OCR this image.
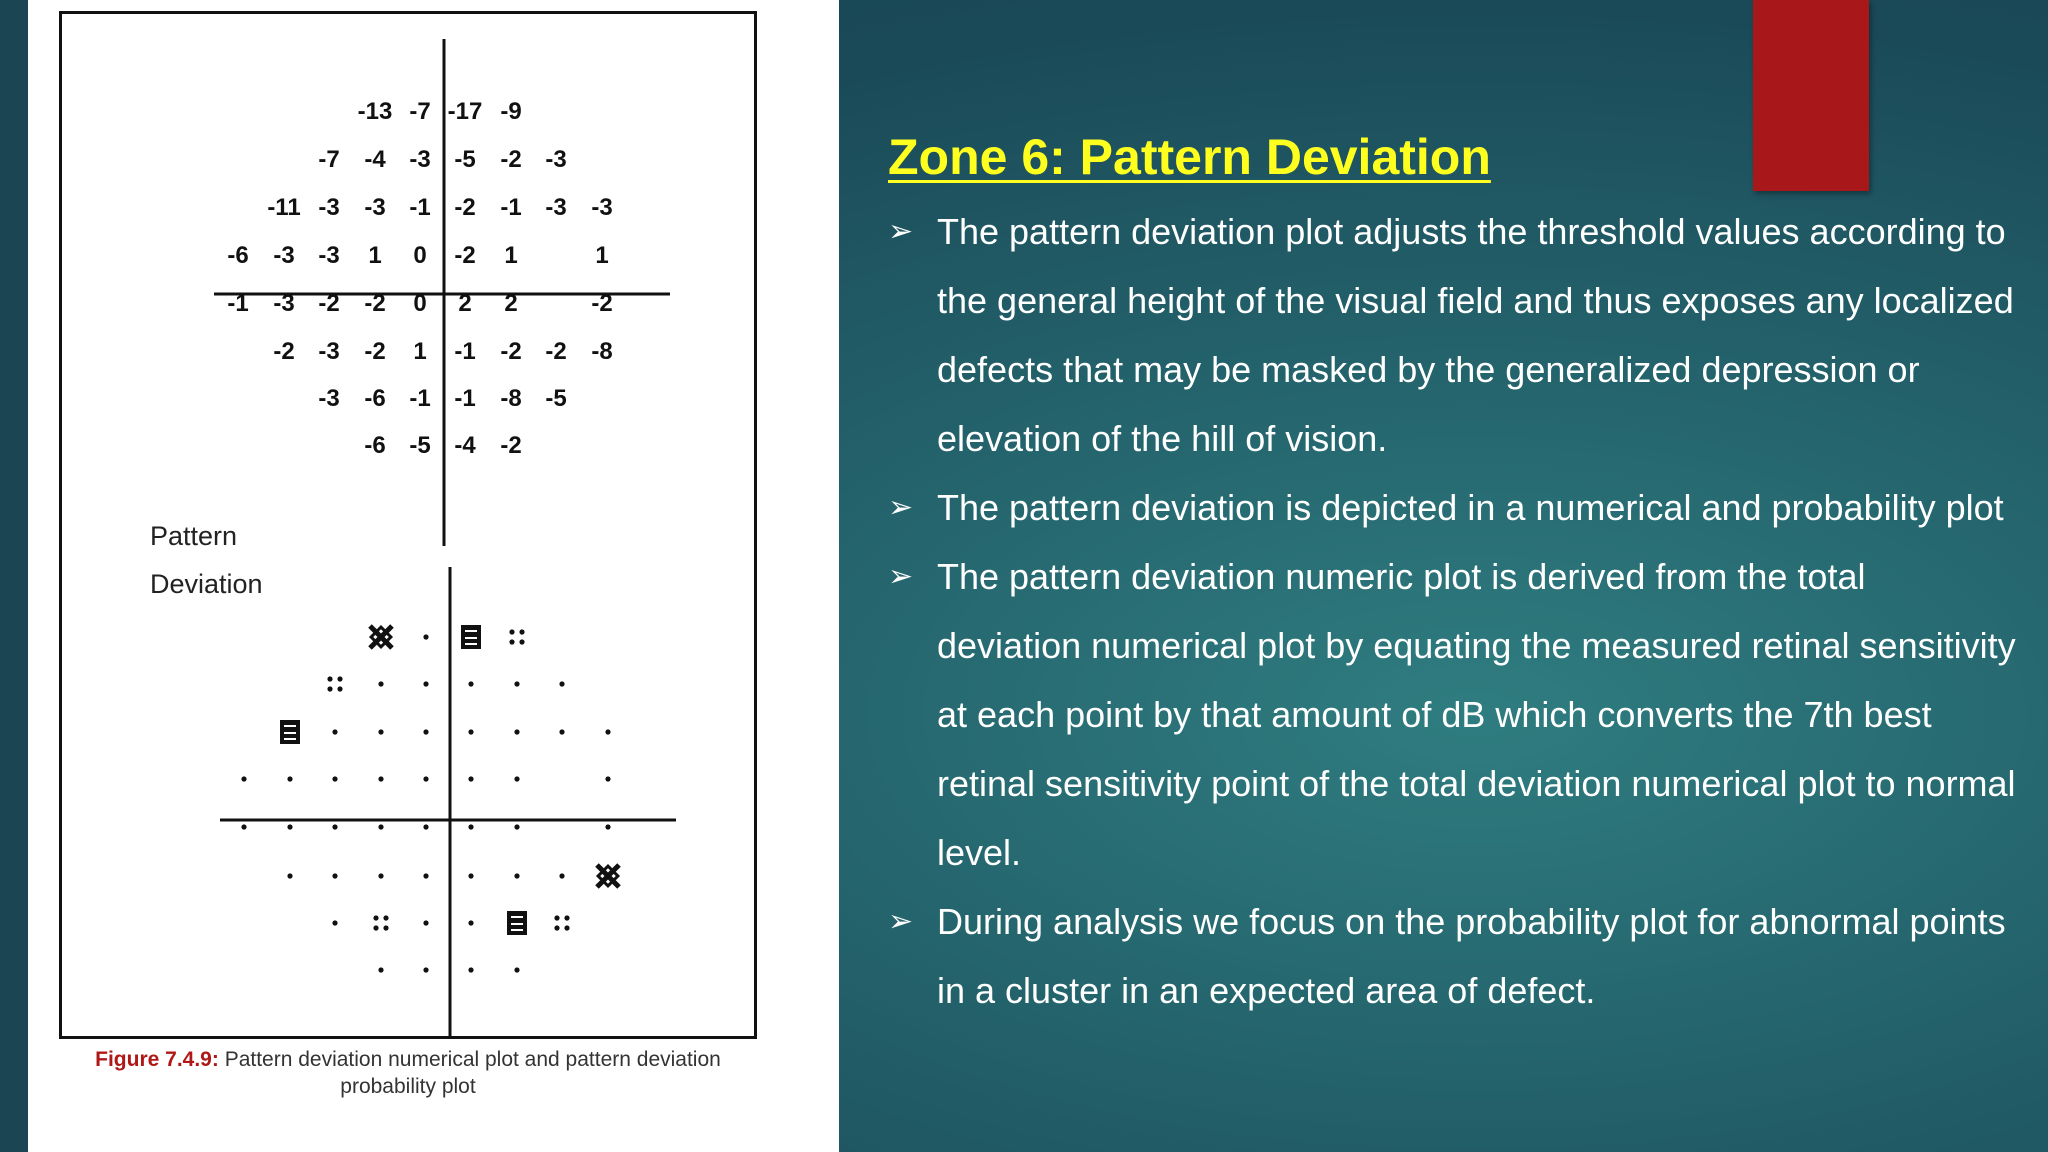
-13 -7 -17 -9
-7 -4 -3 -5 -2 -3
-11 -3 -3 -1 -2 -1 -3 -3
-6 -3 -3 1 0 -2 1	1
-1 -3 -2 -2 0 2 2	-2
-2 -3 -2 1 -1 -2 -2 -8
-3 -6 -1 -1 -8 -5
-6 -5 -4 -2
Pattern
Deviation
Figure 7.4.9: Pattern deviation numerical plot and pattern deviation probability plot
Zone 6: Pattern Deviation
➢ The pattern deviation plot adjusts the threshold values according to the general height of the visual field and thus exposes any localized defects that may be masked by the generalized depression or elevation of the hill of vision.
➢ The pattern deviation is depicted in a numerical and probability plot
➢ The pattern deviation numeric plot is derived from the total deviation numerical plot by equating the measured retinal sensitivity at each point by that amount of dB which converts the 7th best retinal sensitivity point of the total deviation numerical plot to normal level.
➢ During analysis we focus on the probability plot for abnormal points in a cluster in an expected area of defect.
